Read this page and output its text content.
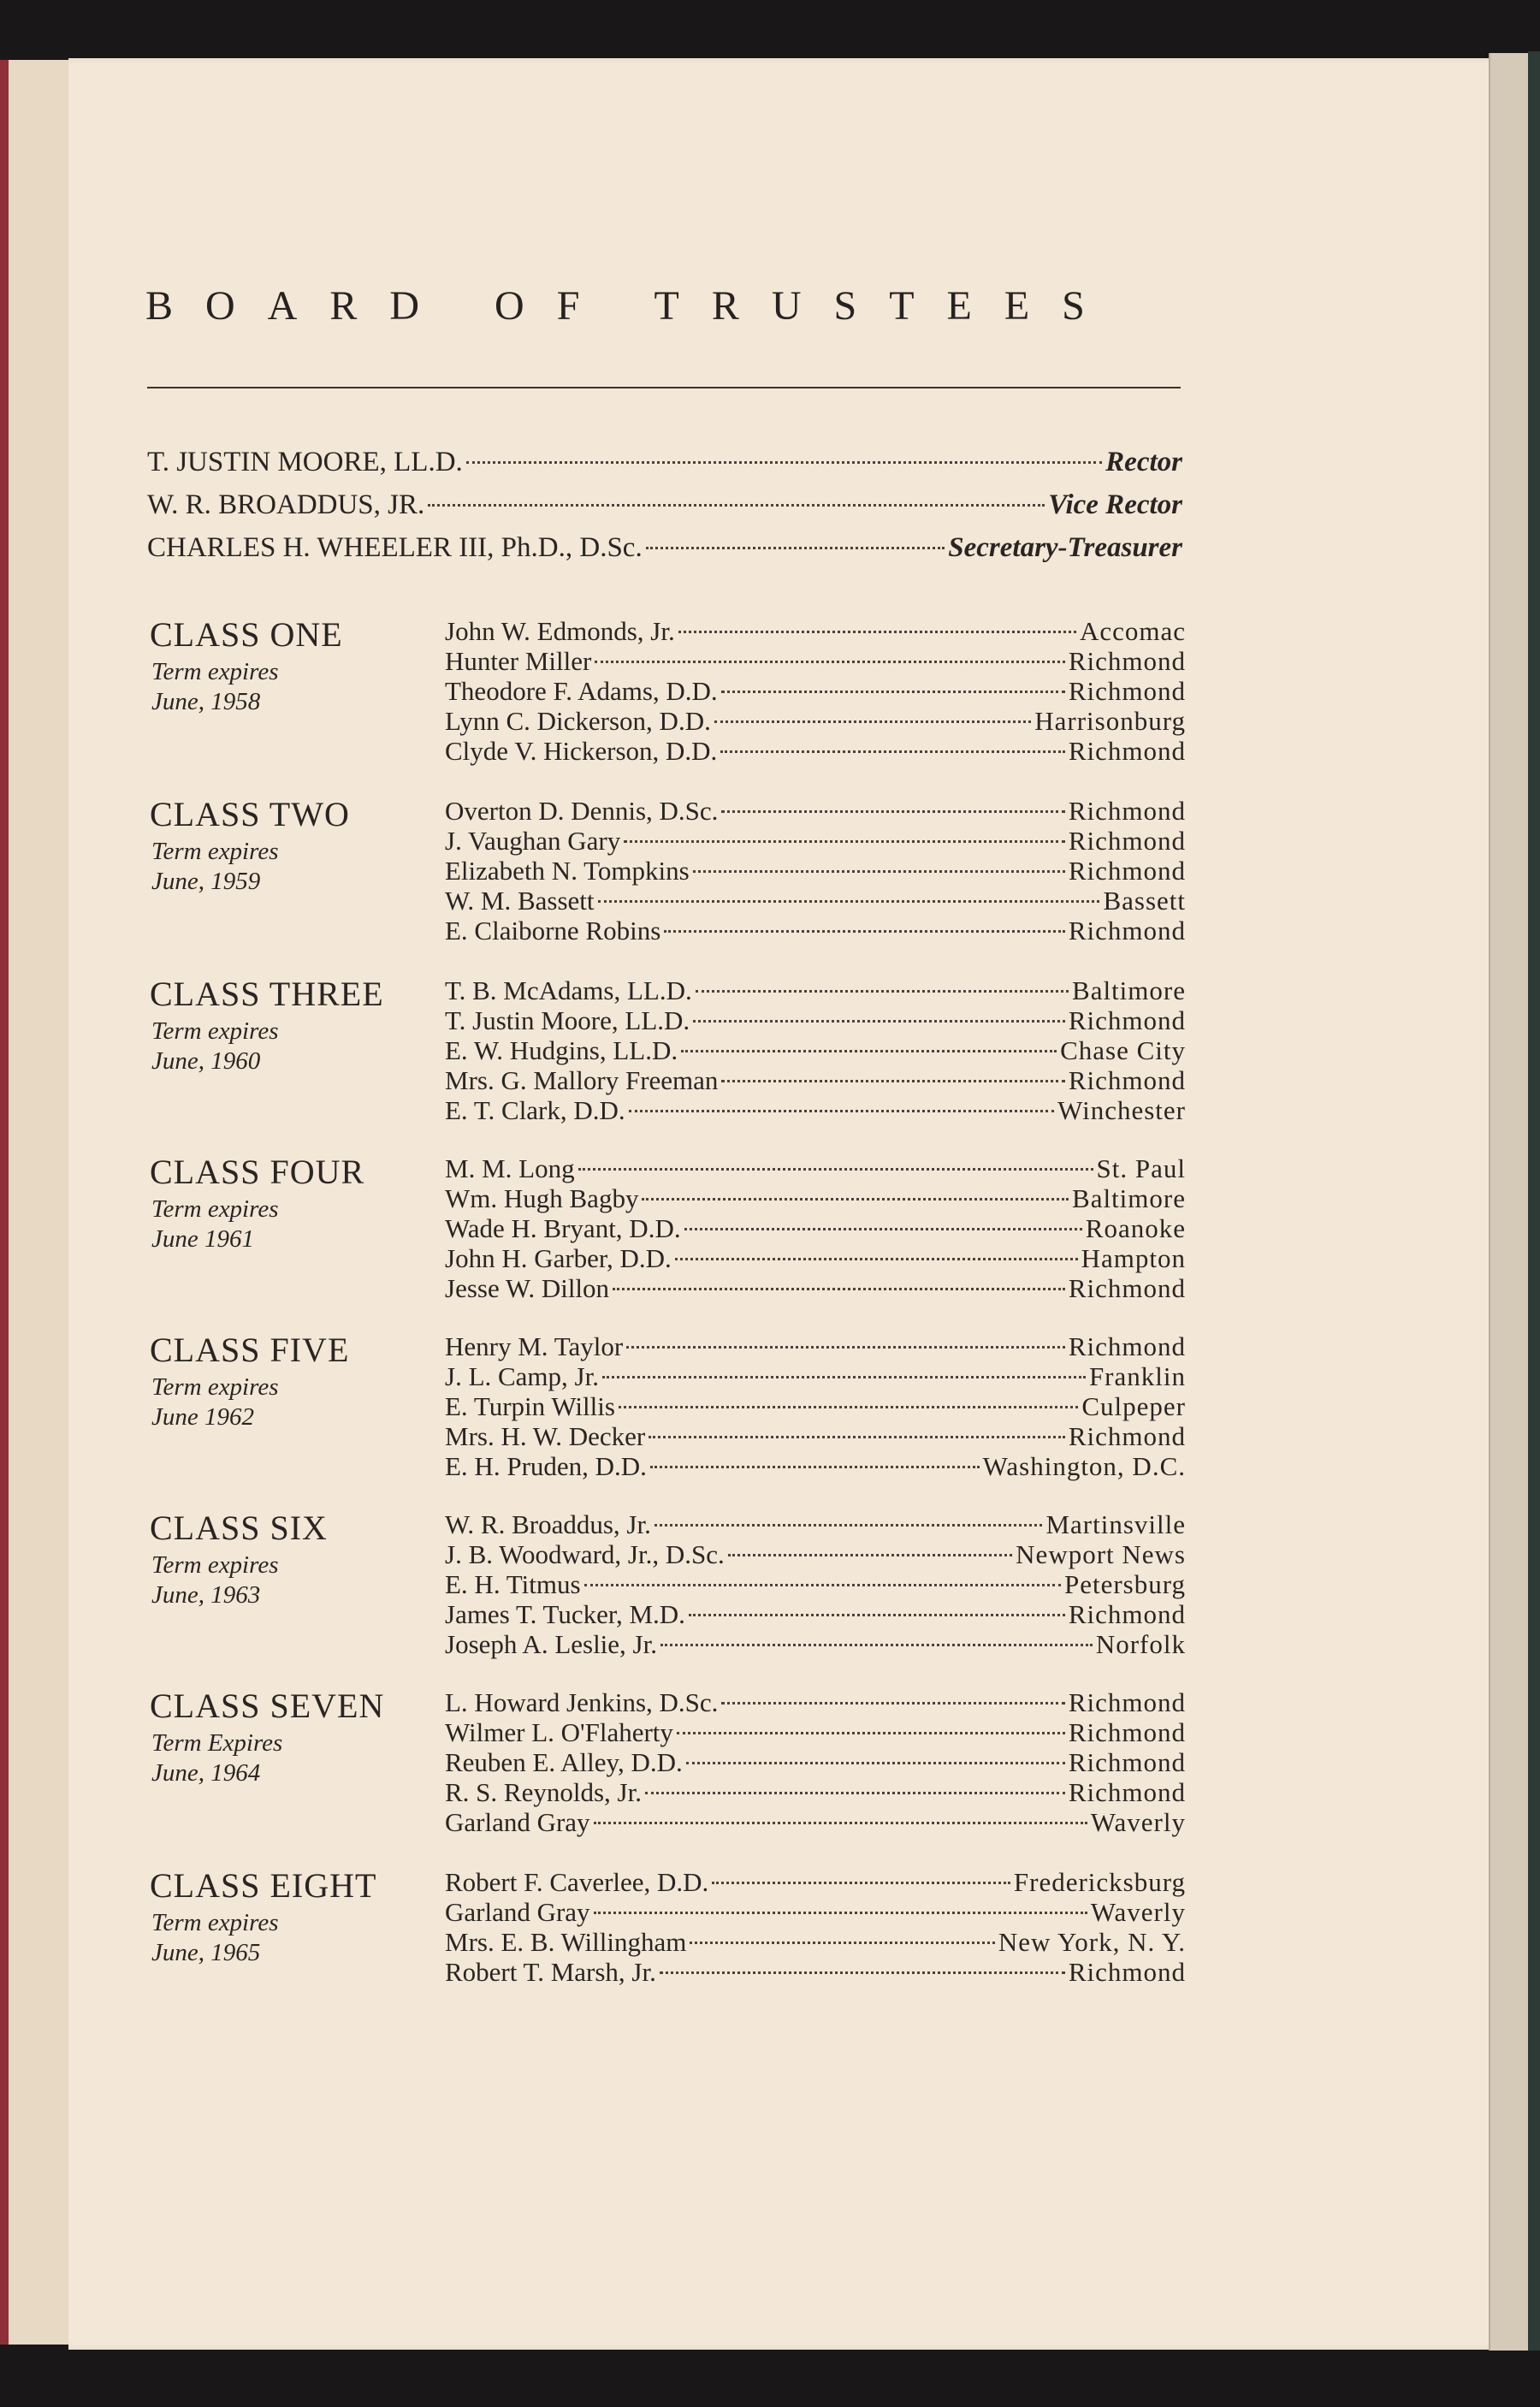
BOARD OF TRUSTEES
T. JUSTIN MOORE, LL.D.	Rector
W. R. BROADDUS, JR.	Vice Rector
CHARLES H. WHEELER III, Ph.D., D.Sc.	Secretary-Treasurer
CLASS ONE
Term expires
June, 1958
John W. Edmonds, Jr.	Accomac
Hunter Miller	Richmond
Theodore F. Adams, D.D.	Richmond
Lynn C. Dickerson, D.D.	Harrisonburg
Clyde V. Hickerson, D.D.	Richmond
CLASS TWO
Term expires
June, 1959
Overton D. Dennis, D.Sc.	Richmond
J. Vaughan Gary	Richmond
Elizabeth N. Tompkins	Richmond
W. M. Bassett	Bassett
E. Claiborne Robins	Richmond
CLASS THREE
Term expires
June, 1960
T. B. McAdams, LL.D.	Baltimore
T. Justin Moore, LL.D.	Richmond
E. W. Hudgins, LL.D.	Chase City
Mrs. G. Mallory Freeman	Richmond
E. T. Clark, D.D.	Winchester
CLASS FOUR
Term expires
June 1961
M. M. Long	St. Paul
Wm. Hugh Bagby	Baltimore
Wade H. Bryant, D.D.	Roanoke
John H. Garber, D.D.	Hampton
Jesse W. Dillon	Richmond
CLASS FIVE
Term expires
June 1962
Henry M. Taylor	Richmond
J. L. Camp, Jr.	Franklin
E. Turpin Willis	Culpeper
Mrs. H. W. Decker	Richmond
E. H. Pruden, D.D.	Washington, D.C.
CLASS SIX
Term expires
June, 1963
W. R. Broaddus, Jr.	Martinsville
J. B. Woodward, Jr., D.Sc.	Newport News
E. H. Titmus	Petersburg
James T. Tucker, M.D.	Richmond
Joseph A. Leslie, Jr.	Norfolk
CLASS SEVEN
Term Expires
June, 1964
L. Howard Jenkins, D.Sc.	Richmond
Wilmer L. O'Flaherty	Richmond
Reuben E. Alley, D.D.	Richmond
R. S. Reynolds, Jr.	Richmond
Garland Gray	Waverly
CLASS EIGHT
Term expires
June, 1965
Robert F. Caverlee, D.D.	Fredericksburg
Garland Gray	Waverly
Mrs. E. B. Willingham	New York, N. Y.
Robert T. Marsh, Jr.	Richmond
